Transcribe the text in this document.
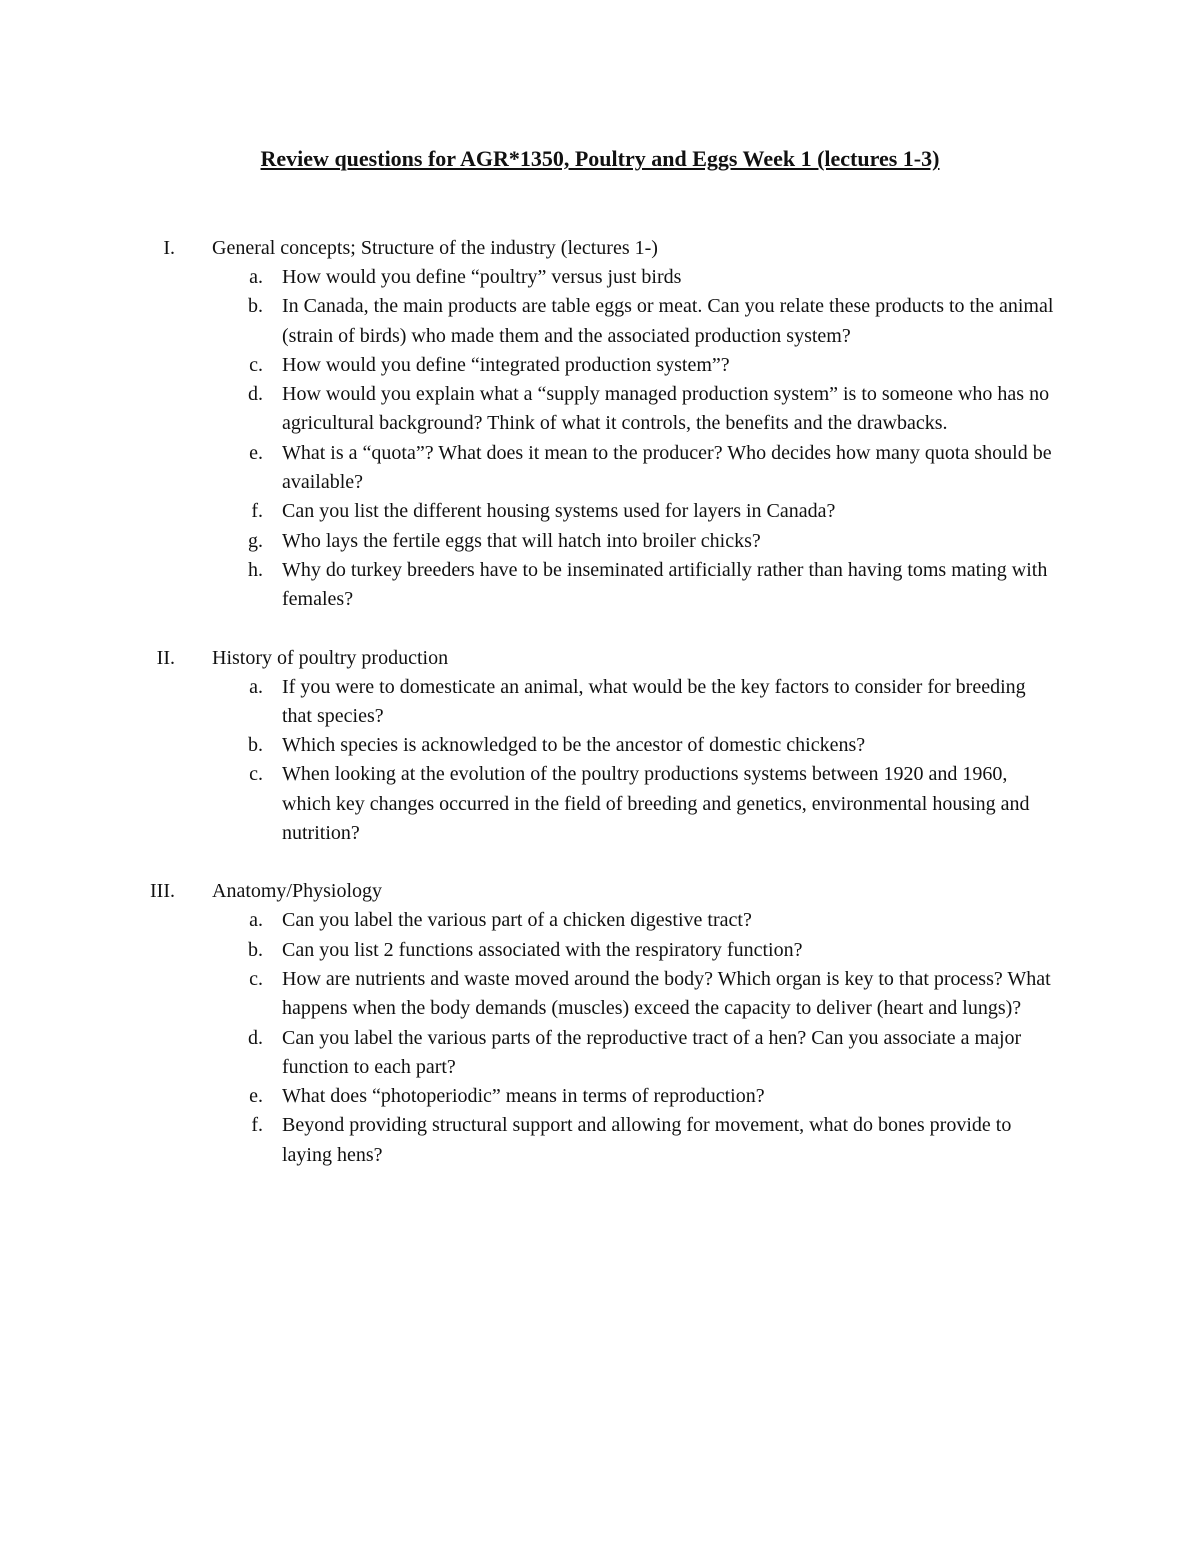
Review questions for AGR*1350, Poultry and Eggs Week 1 (lectures 1-3)
I. General concepts; Structure of the industry (lectures 1-)
a. How would you define “poultry” versus just birds
b. In Canada, the main products are table eggs or meat. Can you relate these products to the animal (strain of birds) who made them and the associated production system?
c. How would you define “integrated production system”?
d. How would you explain what a “supply managed production system” is to someone who has no agricultural background? Think of what it controls, the benefits and the drawbacks.
e. What is a “quota”? What does it mean to the producer? Who decides how many quota should be available?
f. Can you list the different housing systems used for layers in Canada?
g. Who lays the fertile eggs that will hatch into broiler chicks?
h. Why do turkey breeders have to be inseminated artificially rather than having toms mating with females?
II. History of poultry production
a. If you were to domesticate an animal, what would be the key factors to consider for breeding that species?
b. Which species is acknowledged to be the ancestor of domestic chickens?
c. When looking at the evolution of the poultry productions systems between 1920 and 1960, which key changes occurred in the field of breeding and genetics, environmental housing and nutrition?
III. Anatomy/Physiology
a. Can you label the various part of a chicken digestive tract?
b. Can you list 2 functions associated with the respiratory function?
c. How are nutrients and waste moved around the body? Which organ is key to that process? What happens when the body demands (muscles) exceed the capacity to deliver (heart and lungs)?
d. Can you label the various parts of the reproductive tract of a hen? Can you associate a major function to each part?
e. What does “photoperiodic” means in terms of reproduction?
f. Beyond providing structural support and allowing for movement, what do bones provide to laying hens?
